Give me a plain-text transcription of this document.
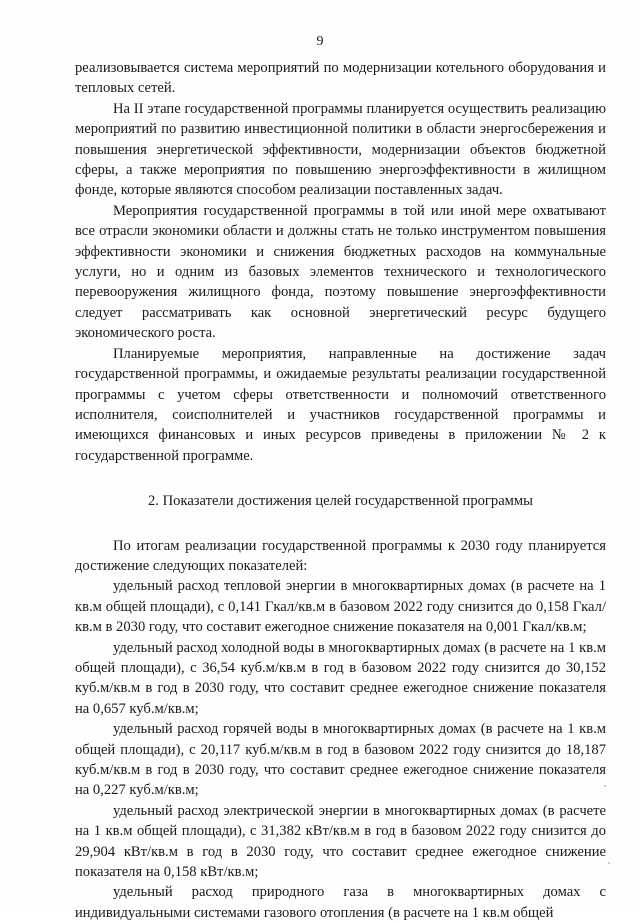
9

реализовывается система мероприятий по модернизации котельного оборудования и тепловых сетей.

На II этапе государственной программы планируется осуществить реализацию мероприятий по развитию инвестиционной политики в области энергосбережения и повышения энергетической эффективности, модернизации объектов бюджетной сферы, а также мероприятия по повышению энергоэффективности в жилищном фонде, которые являются способом реализации поставленных задач.

Мероприятия государственной программы в той или иной мере охватывают все отрасли экономики области и должны стать не только инструментом повышения эффективности экономики и снижения бюджетных расходов на коммунальные услуги, но и одним из базовых элементов технического и технологического перевооружения жилищного фонда, поэтому повышение энергоэффективности следует рассматривать как основной энергетический ресурс будущего экономического роста.

Планируемые мероприятия, направленные на достижение задач государственной программы, и ожидаемые результаты реализации государственной программы с учетом сферы ответственности и полномочий ответственного исполнителя, соисполнителей и участников государственной программы и имеющихся финансовых и иных ресурсов приведены в приложении № 2 к государственной программе.

2. Показатели достижения целей государственной программы

По итогам реализации государственной программы к 2030 году планируется достижение следующих показателей:

удельный расход тепловой энергии в многоквартирных домах (в расчете на 1 кв.м общей площади), с 0,141 Гкал/кв.м в базовом 2022 году снизится до 0,158 Гкал/кв.м в 2030 году, что составит ежегодное снижение показателя на 0,001 Гкал/кв.м;

удельный расход холодной воды в многоквартирных домах (в расчете на 1 кв.м общей площади), с 36,54 куб.м/кв.м в год в базовом 2022 году снизится до 30,152 куб.м/кв.м в год в 2030 году, что составит среднее ежегодное снижение показателя на 0,657 куб.м/кв.м;

удельный расход горячей воды в многоквартирных домах (в расчете на 1 кв.м общей площади), с 20,117 куб.м/кв.м в год в базовом 2022 году снизится до 18,187 куб.м/кв.м в год в 2030 году, что составит среднее ежегодное снижение показателя на 0,227 куб.м/кв.м;

удельный расход электрической энергии в многоквартирных домах (в расчете на 1 кв.м общей площади), с 31,382 кВт/кв.м в год в базовом 2022 году снизится до 29,904 кВт/кв.м в год в 2030 году, что составит среднее ежегодное снижение показателя на 0,158 кВт/кв.м;

удельный расход природного газа в многоквартирных домах с индивидуальными системами газового отопления (в расчете на 1 кв.м общей
